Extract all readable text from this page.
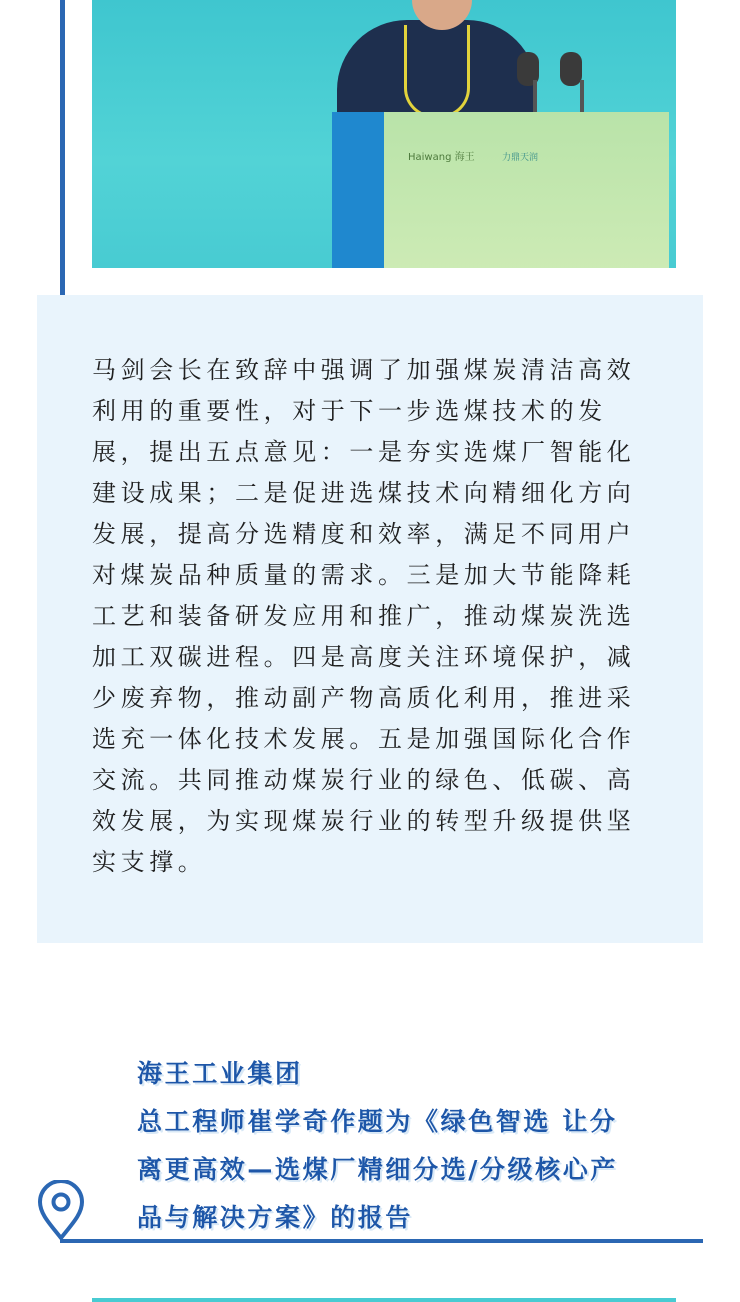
Haiwang 海王	力鼎天润
马剑会长在致辞中强调了加强煤炭清洁高效
利用的重要性，对于下一步选煤技术的发
展，提出五点意见：一是夯实选煤厂智能化
建设成果；二是促进选煤技术向精细化方向
发展，提高分选精度和效率，满足不同用户
对煤炭品种质量的需求。三是加大节能降耗
工艺和装备研发应用和推广，推动煤炭洗选
加工双碳进程。四是高度关注环境保护，减
少废弃物，推动副产物高质化利用，推进采
选充一体化技术发展。五是加强国际化合作
交流。共同推动煤炭行业的绿色、低碳、高
效发展，为实现煤炭行业的转型升级提供坚
实支撑。
海王工业集团
总工程师崔学奇作题为《绿色智选 让分
离更高效—选煤厂精细分选/分级核心产
品与解决方案》的报告
